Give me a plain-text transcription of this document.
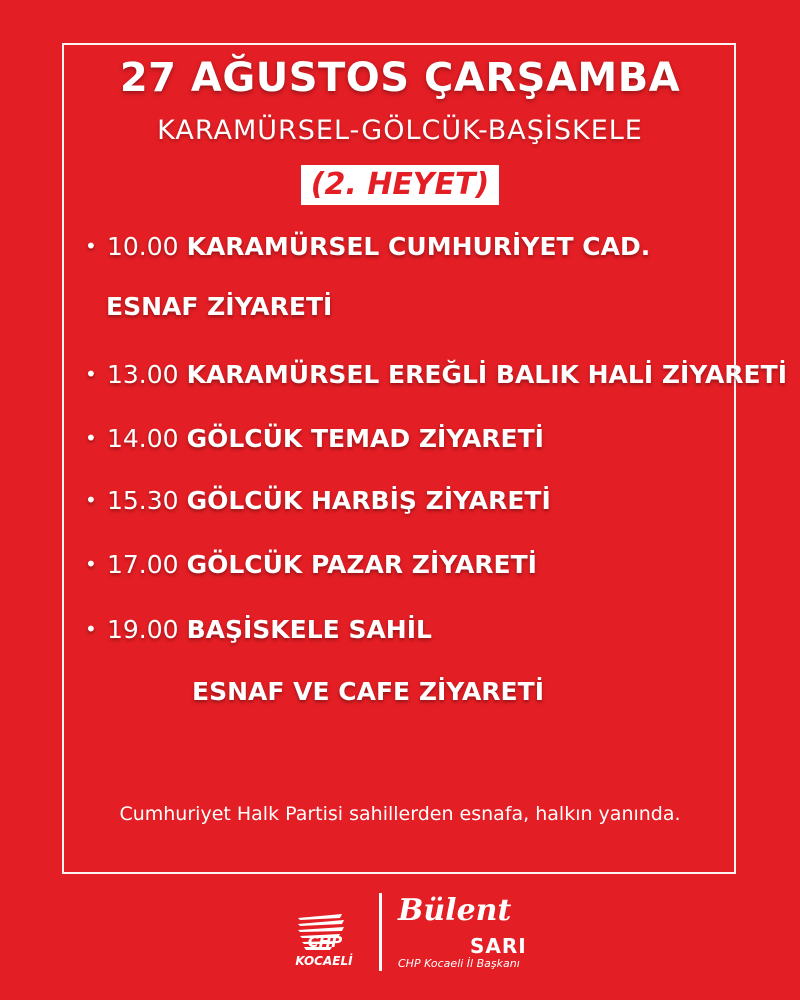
27 AĞUSTOS ÇARŞAMBA
KARAMÜRSEL-GÖLCÜK-BAŞİSKELE
(2. HEYET)
• 10.00 KARAMÜRSEL CUMHURİYET CAD.
ESNAF ZİYARETİ
• 13.00 KARAMÜRSEL EREĞLİ BALIK HALİ ZİYARETİ
• 14.00 GÖLCÜK TEMAD ZİYARETİ
• 15.30 GÖLCÜK HARBİŞ ZİYARETİ
• 17.00 GÖLCÜK PAZAR ZİYARETİ
• 19.00 BAŞİSKELE SAHİL
ESNAF VE CAFE ZİYARETİ
Cumhuriyet Halk Partisi sahillerden esnafa, halkın yanında.
CHP
KOCAELİ
Bülent
SARI
CHP Kocaeli İl Başkanı
